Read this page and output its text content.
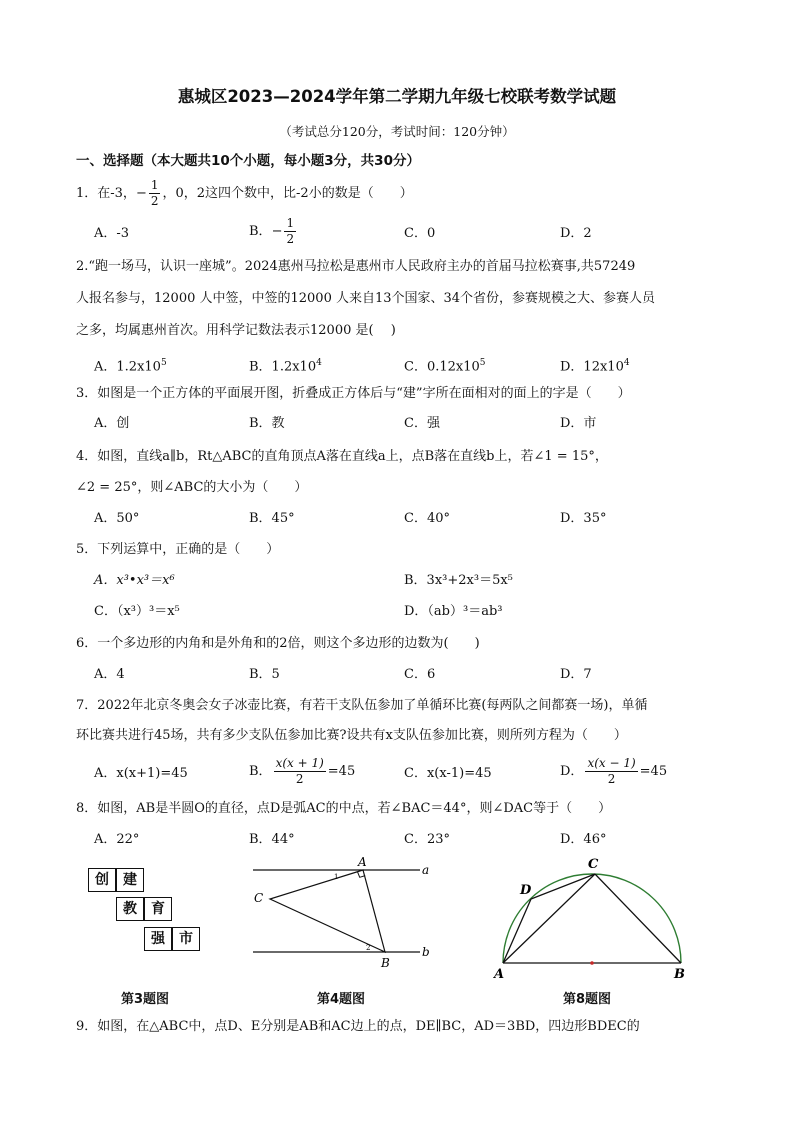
惠城区2023—2024学年第二学期九年级七校联考数学试题
（考试总分120分，考试时间：120分钟）
一、选择题（本大题共10个小题，每小题3分，共30分）
1．在-3，− $\frac{1}{2}$ ，0，2这四个数中，比-2小的数是（　　）
A．-3	B．− $\frac{1}{2}$	C．0	D．2
2.“跑一场马，认识一座城”。2024惠州马拉松是惠州市人民政府主办的首届马拉松赛事,共57249
人报名参与，12000 人中签，中签的12000 人来自13个国家、34个省份，参赛规模之大、参赛人员
之多，均属惠州首次。用科学记数法表示12000 是(　 )
A．$1.2x10^5$	B．$1.2x10^4$	C．$0.12x10^5$	D．$12x10^4$
3．如图是一个正方体的平面展开图，折叠成正方体后与“建”字所在面相对的面上的字是（　　）
A．创	B．教	C．强	D．市
4．如图，直线a∥b，Rt△ABC的直角顶点A落在直线a上，点B落在直线b上，若∠1 = 15°，
∠2 = 25°，则∠ABC的大小为（　　）
A．50°	B．45°	C．40°	D．35°
5．下列运算中，正确的是（　　）
A．x³•x³＝x⁶	B．3x³+2x³＝5x⁵
C．（x³）³＝x⁵	D．（ab）³＝ab³
6．一个多边形的内角和是外角和的2倍，则这个多边形的边数为(　　)
A．4	B．5	C．6	D．7
7．2022年北京冬奥会女子冰壶比赛，有若干支队伍参加了单循环比赛(每两队之间都赛一场)，单循
环比赛共进行45场，共有多少支队伍参加比赛?设共有x支队伍参加比赛，则所列方程为（　　）
A．x(x+1)=45	B． $\frac{x(x + 1)}{2} =45$	C．x(x-1)=45	D． $\frac{x(x - 1)}{2} =45$
8．如图，AB是半圆O的直径，点D是弧AC的中点，若∠BAC＝44°，则∠DAC等于（　　）
A．22°	B．44°	C．23°	D．46°
创	建
教	育
强	市
第3题图
A
a
C
B
b
1
2
第4题图
C
D
A	B
第8题图
9．如图，在△ABC中，点D、E分别是AB和AC边上的点，DE∥BC，AD＝3BD，四边形BDEC的
